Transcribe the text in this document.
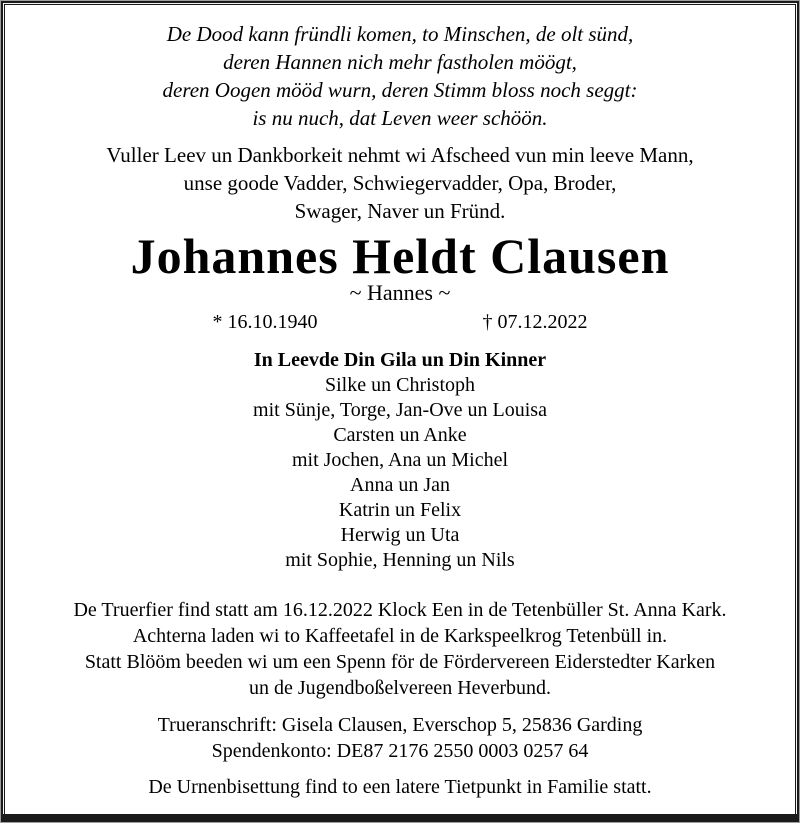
De Dood kann fründli komen, to Minschen, de olt sünd,

deren Hannen nich mehr fastholen möögt,

deren Oogen mööd wurn, deren Stimm bloss noch seggt:

is nu nuch, dat Leven weer schöön.

Vuller Leev un Dankborkeit nehmt wi Afscheed vun min leeve Mann,

unse goode Vadder, Schwiegervadder, Opa, Broder,

Swager, Naver un Fründ.

Johannes Heldt Clausen
~ Hannes ~
* 16.10.1940	† 07.12.2022
In Leevde Din Gila un Din Kinner

Silke un Christoph

mit Sünje, Torge, Jan-Ove un Louisa

Carsten un Anke

mit Jochen, Ana un Michel

Anna un Jan

Katrin un Felix

Herwig un Uta

mit Sophie, Henning un Nils

De Truerfier find statt am 16.12.2022 Klock Een in de Tetenbüller St. Anna Kark.

Achterna laden wi to Kaffeetafel in de Karkspeelkrog Tetenbüll in.

Statt Blööm beeden wi um een Spenn för de Fördervereen Eiderstedter Karken

un de Jugendboßelvereen Heverbund.

Trueranschrift: Gisela Clausen, Everschop 5, 25836 Garding

Spendenkonto: DE87 2176 2550 0003 0257 64

De Urnenbisettung find to een latere Tietpunkt in Familie statt.
